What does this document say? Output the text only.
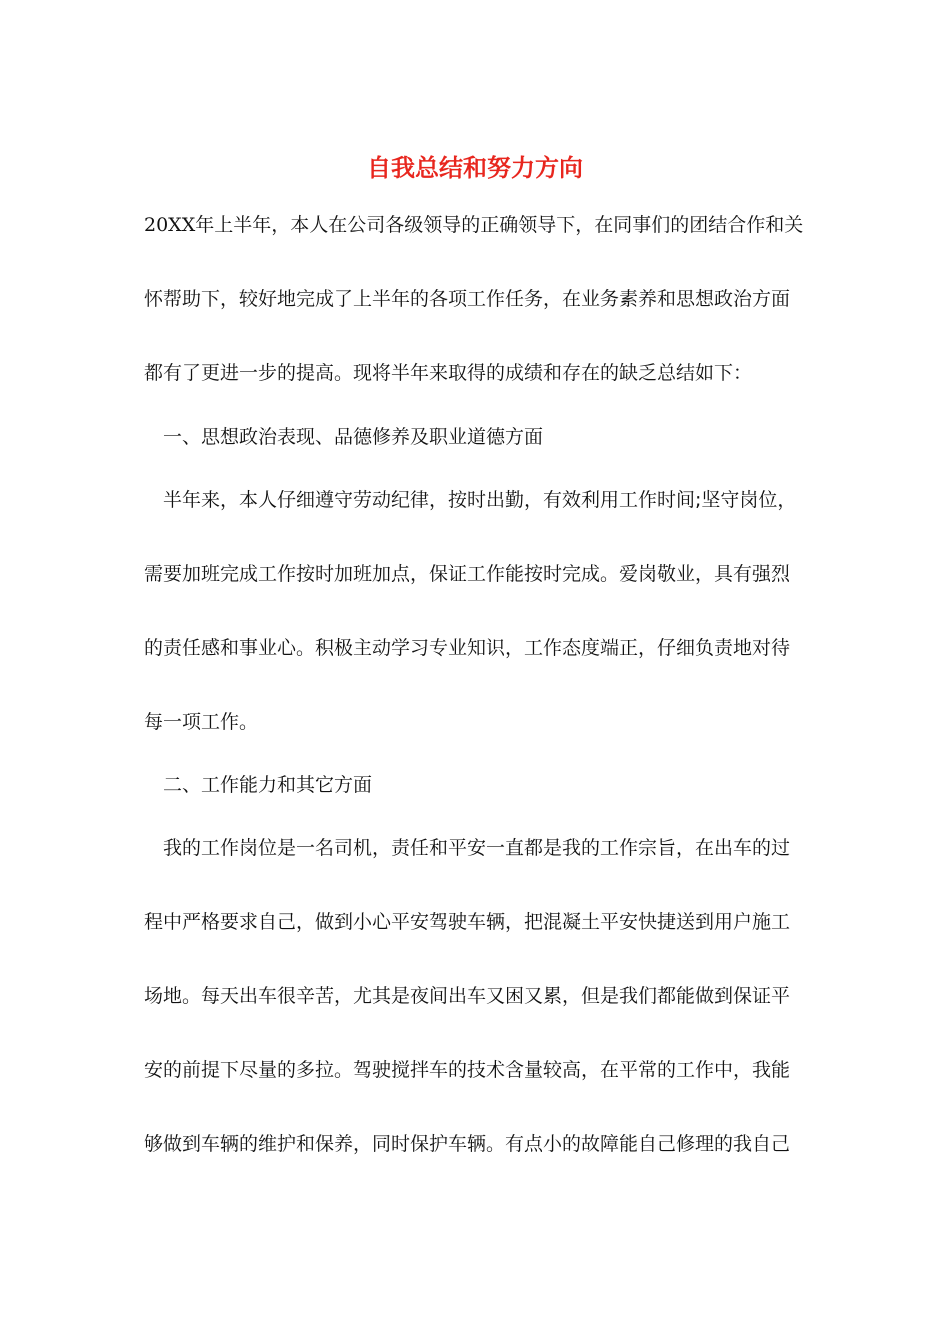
自我总结和努力方向

20XX年上半年，本人在公司各级领导的正确领导下，在同事们的团结合作和关

怀帮助下，较好地完成了上半年的各项工作任务，在业务素养和思想政治方面

都有了更进一步的提高。现将半年来取得的成绩和存在的缺乏总结如下：

一、思想政治表现、品德修养及职业道德方面

半年来，本人仔细遵守劳动纪律，按时出勤，有效利用工作时间;坚守岗位，

需要加班完成工作按时加班加点，保证工作能按时完成。爱岗敬业，具有强烈

的责任感和事业心。积极主动学习专业知识，工作态度端正，仔细负责地对待

每一项工作。

二、工作能力和其它方面

我的工作岗位是一名司机，责任和平安一直都是我的工作宗旨，在出车的过

程中严格要求自己，做到小心平安驾驶车辆，把混凝土平安快捷送到用户施工

场地。每天出车很辛苦，尤其是夜间出车又困又累，但是我们都能做到保证平

安的前提下尽量的多拉。驾驶搅拌车的技术含量较高，在平常的工作中，我能

够做到车辆的维护和保养，同时保护车辆。有点小的故障能自己修理的我自己
